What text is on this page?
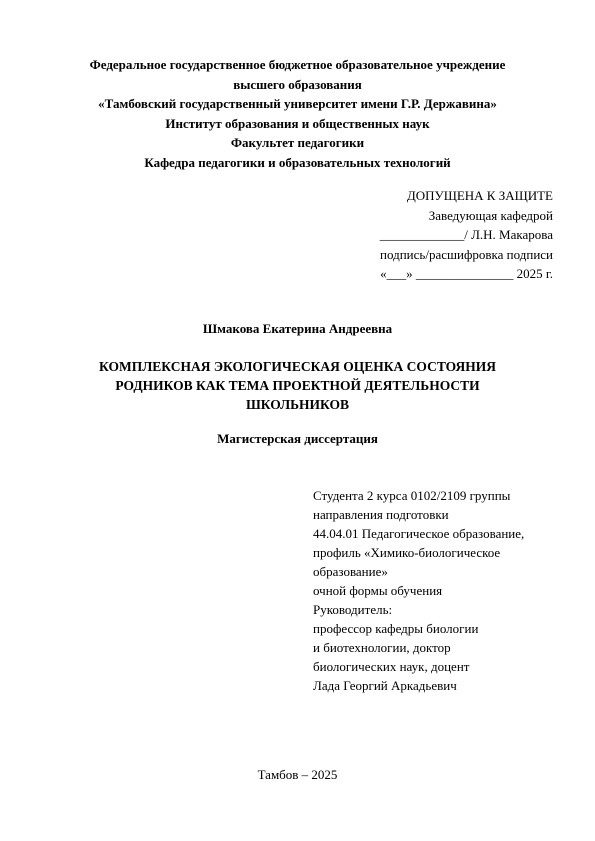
Федеральное государственное бюджетное образовательное учреждение
высшего образования
«Тамбовский государственный университет имени Г.Р. Державина»
Институт образования и общественных наук
Факультет педагогики
Кафедра педагогики и образовательных технологий
ДОПУЩЕНА К ЗАЩИТЕ
Заведующая кафедрой
_____________/ Л.Н. Макарова
подпись/расшифровка подписи
«___» _______________ 2025 г.
Шмакова Екатерина Андреевна
КОМПЛЕКСНАЯ ЭКОЛОГИЧЕСКАЯ ОЦЕНКА СОСТОЯНИЯ
РОДНИКОВ КАК ТЕМА ПРОЕКТНОЙ ДЕЯТЕЛЬНОСТИ
ШКОЛЬНИКОВ
Магистерская диссертация
Студента 2 курса 0102/2109 группы
направления подготовки
44.04.01 Педагогическое образование,
профиль «Химико-биологическое
образование»
очной формы обучения
Руководитель:
профессор кафедры биологии
и биотехнологии, доктор
биологических наук, доцент
Лада Георгий Аркадьевич
Тамбов – 2025
